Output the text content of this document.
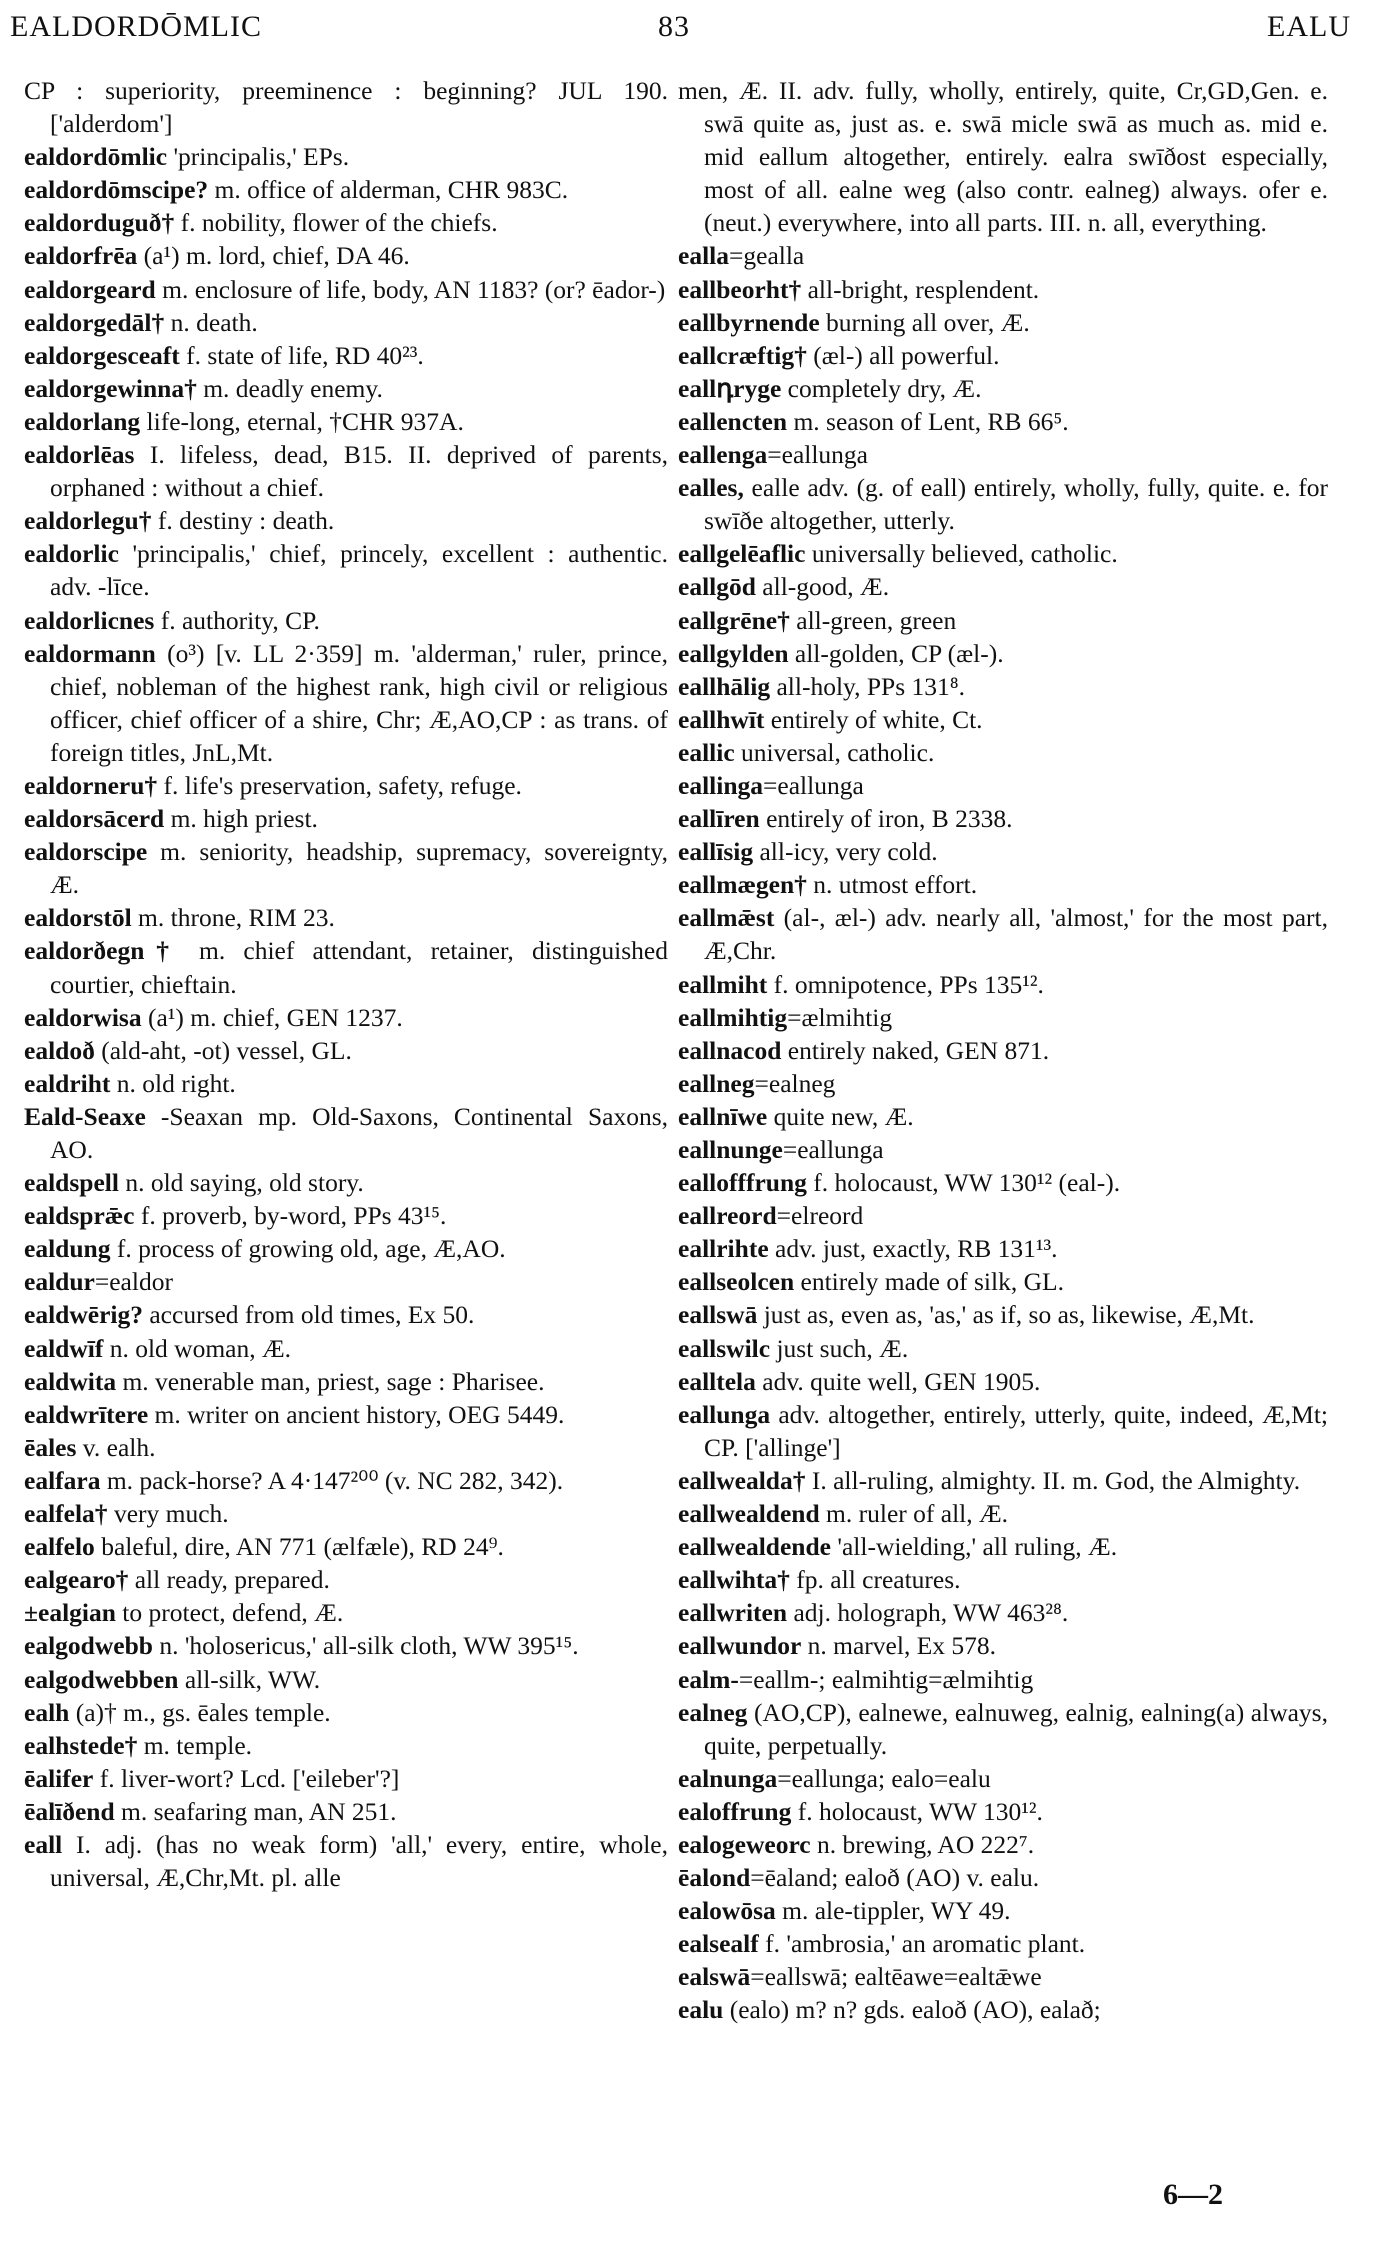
EALDORDŌMLIC	83	EALU
CP : superiority, preeminence : beginning? JUL 190. ['alderdom']
ealdordōmlic 'principalis,' EPs.
ealdordōmscipe? m. office of alderman, CHR 983C.
ealdorduguð† f. nobility, flower of the chiefs.
ealdorfrēa (a¹) m. lord, chief, DA 46.
ealdorgeard m. enclosure of life, body, AN 1183? (or? ēador-)
ealdorgedāl† n. death.
ealdorgesceaft f. state of life, RD 40²³.
ealdorgewinna† m. deadly enemy.
ealdorlang life-long, eternal, †CHR 937A.
ealdorlēas I. lifeless, dead, B15. II. deprived of parents, orphaned : without a chief.
ealdorlegu† f. destiny : death.
ealdorlic 'principalis,' chief, princely, excellent : authentic. adv. -līce.
ealdorlicnes f. authority, CP.
ealdormann (o³) [v. LL 2·359] m. 'alderman,' ruler, prince, chief, nobleman of the highest rank, high civil or religious officer, chief officer of a shire, Chr; Æ,AO,CP : as trans. of foreign titles, JnL,Mt.
ealdorneru† f. life's preservation, safety, refuge.
ealdorsācerd m. high priest.
ealdorscipe m. seniority, headship, supremacy, sovereignty, Æ.
ealdorstōl m. throne, RIM 23.
ealdorðegn† m. chief attendant, retainer, distinguished courtier, chieftain.
ealdorwisa (a¹) m. chief, GEN 1237.
ealdoð (ald-aht, -ot) vessel, GL.
ealdriht n. old right.
Eald-Seaxe -Seaxan mp. Old-Saxons, Continental Saxons, AO.
ealdspell n. old saying, old story.
ealdsprǣc f. proverb, by-word, PPs 43¹⁵.
ealdung f. process of growing old, age, Æ,AO.
ealdur=ealdor
ealdwērig? accursed from old times, Ex 50.
ealdwīf n. old woman, Æ.
ealdwita m. venerable man, priest, sage : Pharisee.
ealdwrītere m. writer on ancient history, OEG 5449.
ēales v. ealh.
ealfara m. pack-horse? A 4·147²⁰⁰ (v. NC 282, 342).
ealfela† very much.
ealfelo baleful, dire, AN 771 (ælfæle), RD 24⁹.
ealgearo† all ready, prepared.
±ealgian to protect, defend, Æ.
ealgodwebb n. 'holosericus,' all-silk cloth, WW 395¹⁵.
ealgodwebben all-silk, WW.
ealh (a)† m., gs. ēales temple.
ealhstede† m. temple.
ēalifer f. liver-wort? Lcd. ['eileber'?]
ēalīðend m. seafaring man, AN 251.
eall I. adj. (has no weak form) 'all,' every, entire, whole, universal, Æ,Chr,Mt. pl. alle
men, Æ. II. adv. fully, wholly, entirely, quite, Cr,GD,Gen. e. swā quite as, just as. e. swā micle swā as much as. mid e. mid eallum altogether, entirely. ealra swīðost especially, most of all. ealne weg (also contr. ealneg) always. ofer e. (neut.) everywhere, into all parts. III. n. all, everything.
ealla=gealla
eallbeorht† all-bright, resplendent.
eallbyrnende burning all over, Æ.
eallcræftig† (æl-) all powerful.
eallդryge completely dry, Æ.
eallencten m. season of Lent, RB 66⁵.
eallenga=eallunga
ealles, ealle adv. (g. of eall) entirely, wholly, fully, quite. e. for swīðe altogether, utterly.
eallgelēaflic universally believed, catholic.
eallgōd all-good, Æ.
eallgrēne† all-green, green
eallgylden all-golden, CP (æl-).
eallhālig all-holy, PPs 131⁸.
eallhwīt entirely of white, Ct.
eallic universal, catholic.
eallinga=eallunga
eallīren entirely of iron, B 2338.
eallīsig all-icy, very cold.
eallmægen† n. utmost effort.
eallmǣst (al-, æl-) adv. nearly all, 'almost,' for the most part, Æ,Chr.
eallmiht f. omnipotence, PPs 135¹².
eallmihtig=ælmihtig
eallnacod entirely naked, GEN 871.
eallneg=ealneg
eallnīwe quite new, Æ.
eallnunge=eallunga
eallofffrung f. holocaust, WW 130¹² (eal-).
eallreord=elreord
eallrihte adv. just, exactly, RB 131¹³.
eallseolcen entirely made of silk, GL.
eallswā just as, even as, 'as,' as if, so as, likewise, Æ,Mt.
eallswilc just such, Æ.
ealltela adv. quite well, GEN 1905.
eallunga adv. altogether, entirely, utterly, quite, indeed, Æ,Mt; CP. ['allinge']
eallwealda† I. all-ruling, almighty. II. m. God, the Almighty.
eallwealdend m. ruler of all, Æ.
eallwealdende 'all-wielding,' all ruling, Æ.
eallwihta† fp. all creatures.
eallwriten adj. holograph, WW 463²⁸.
eallwundor n. marvel, Ex 578.
ealm-=eallm-; ealmihtig=ælmihtig
ealneg (AO,CP), ealnewe, ealnuweg, ealnig, ealning(a) always, quite, perpetually.
ealnunga=eallunga; ealo=ealu
ealoffrung f. holocaust, WW 130¹².
ealogeweorc n. brewing, AO 222⁷.
ēalond=ēaland; ealoð (AO) v. ealu.
ealowōsa m. ale-tippler, WY 49.
ealsealf f. 'ambrosia,' an aromatic plant.
ealswā=eallswā; ealtēawe=ealtǣwe
ealu (ealo) m? n? gds. ealoð (AO), ealað;
6—2
